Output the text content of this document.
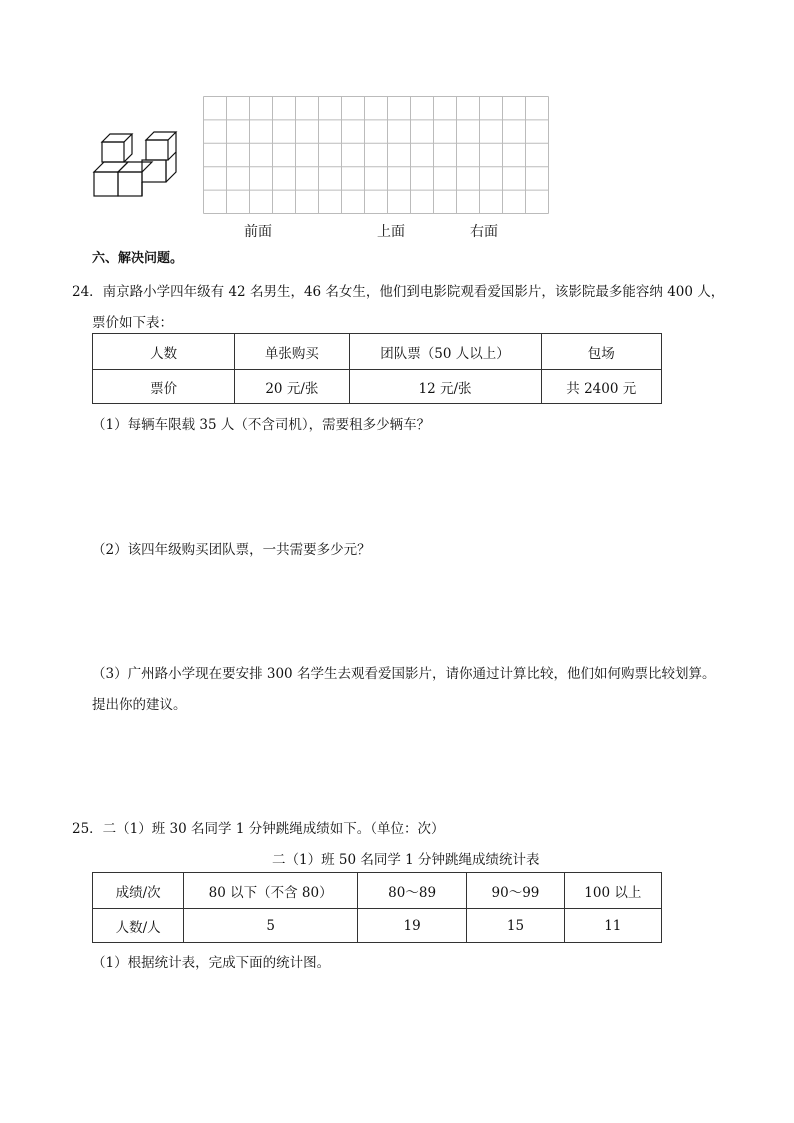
前面	上面	右面
六、解决问题。
24．南京路小学四年级有 42 名男生，46 名女生，他们到电影院观看爱国影片，该影院最多能容纳 400 人，
票价如下表：
人数	单张购买	团队票（50 人以上）	包场
票价	20 元/张	12 元/张	共 2400 元
（1）每辆车限载 35 人（不含司机），需要租多少辆车？
（2）该四年级购买团队票，一共需要多少元？
（3）广州路小学现在要安排 300 名学生去观看爱国影片，请你通过计算比较，他们如何购票比较划算。
提出你的建议。
25．二（1）班 30 名同学 1 分钟跳绳成绩如下。（单位：次）
二（1）班 50 名同学 1 分钟跳绳成绩统计表
成绩/次	80 以下（不含 80）	80～89	90～99	100 以上
人数/人	5	19	15	11
（1）根据统计表，完成下面的统计图。
